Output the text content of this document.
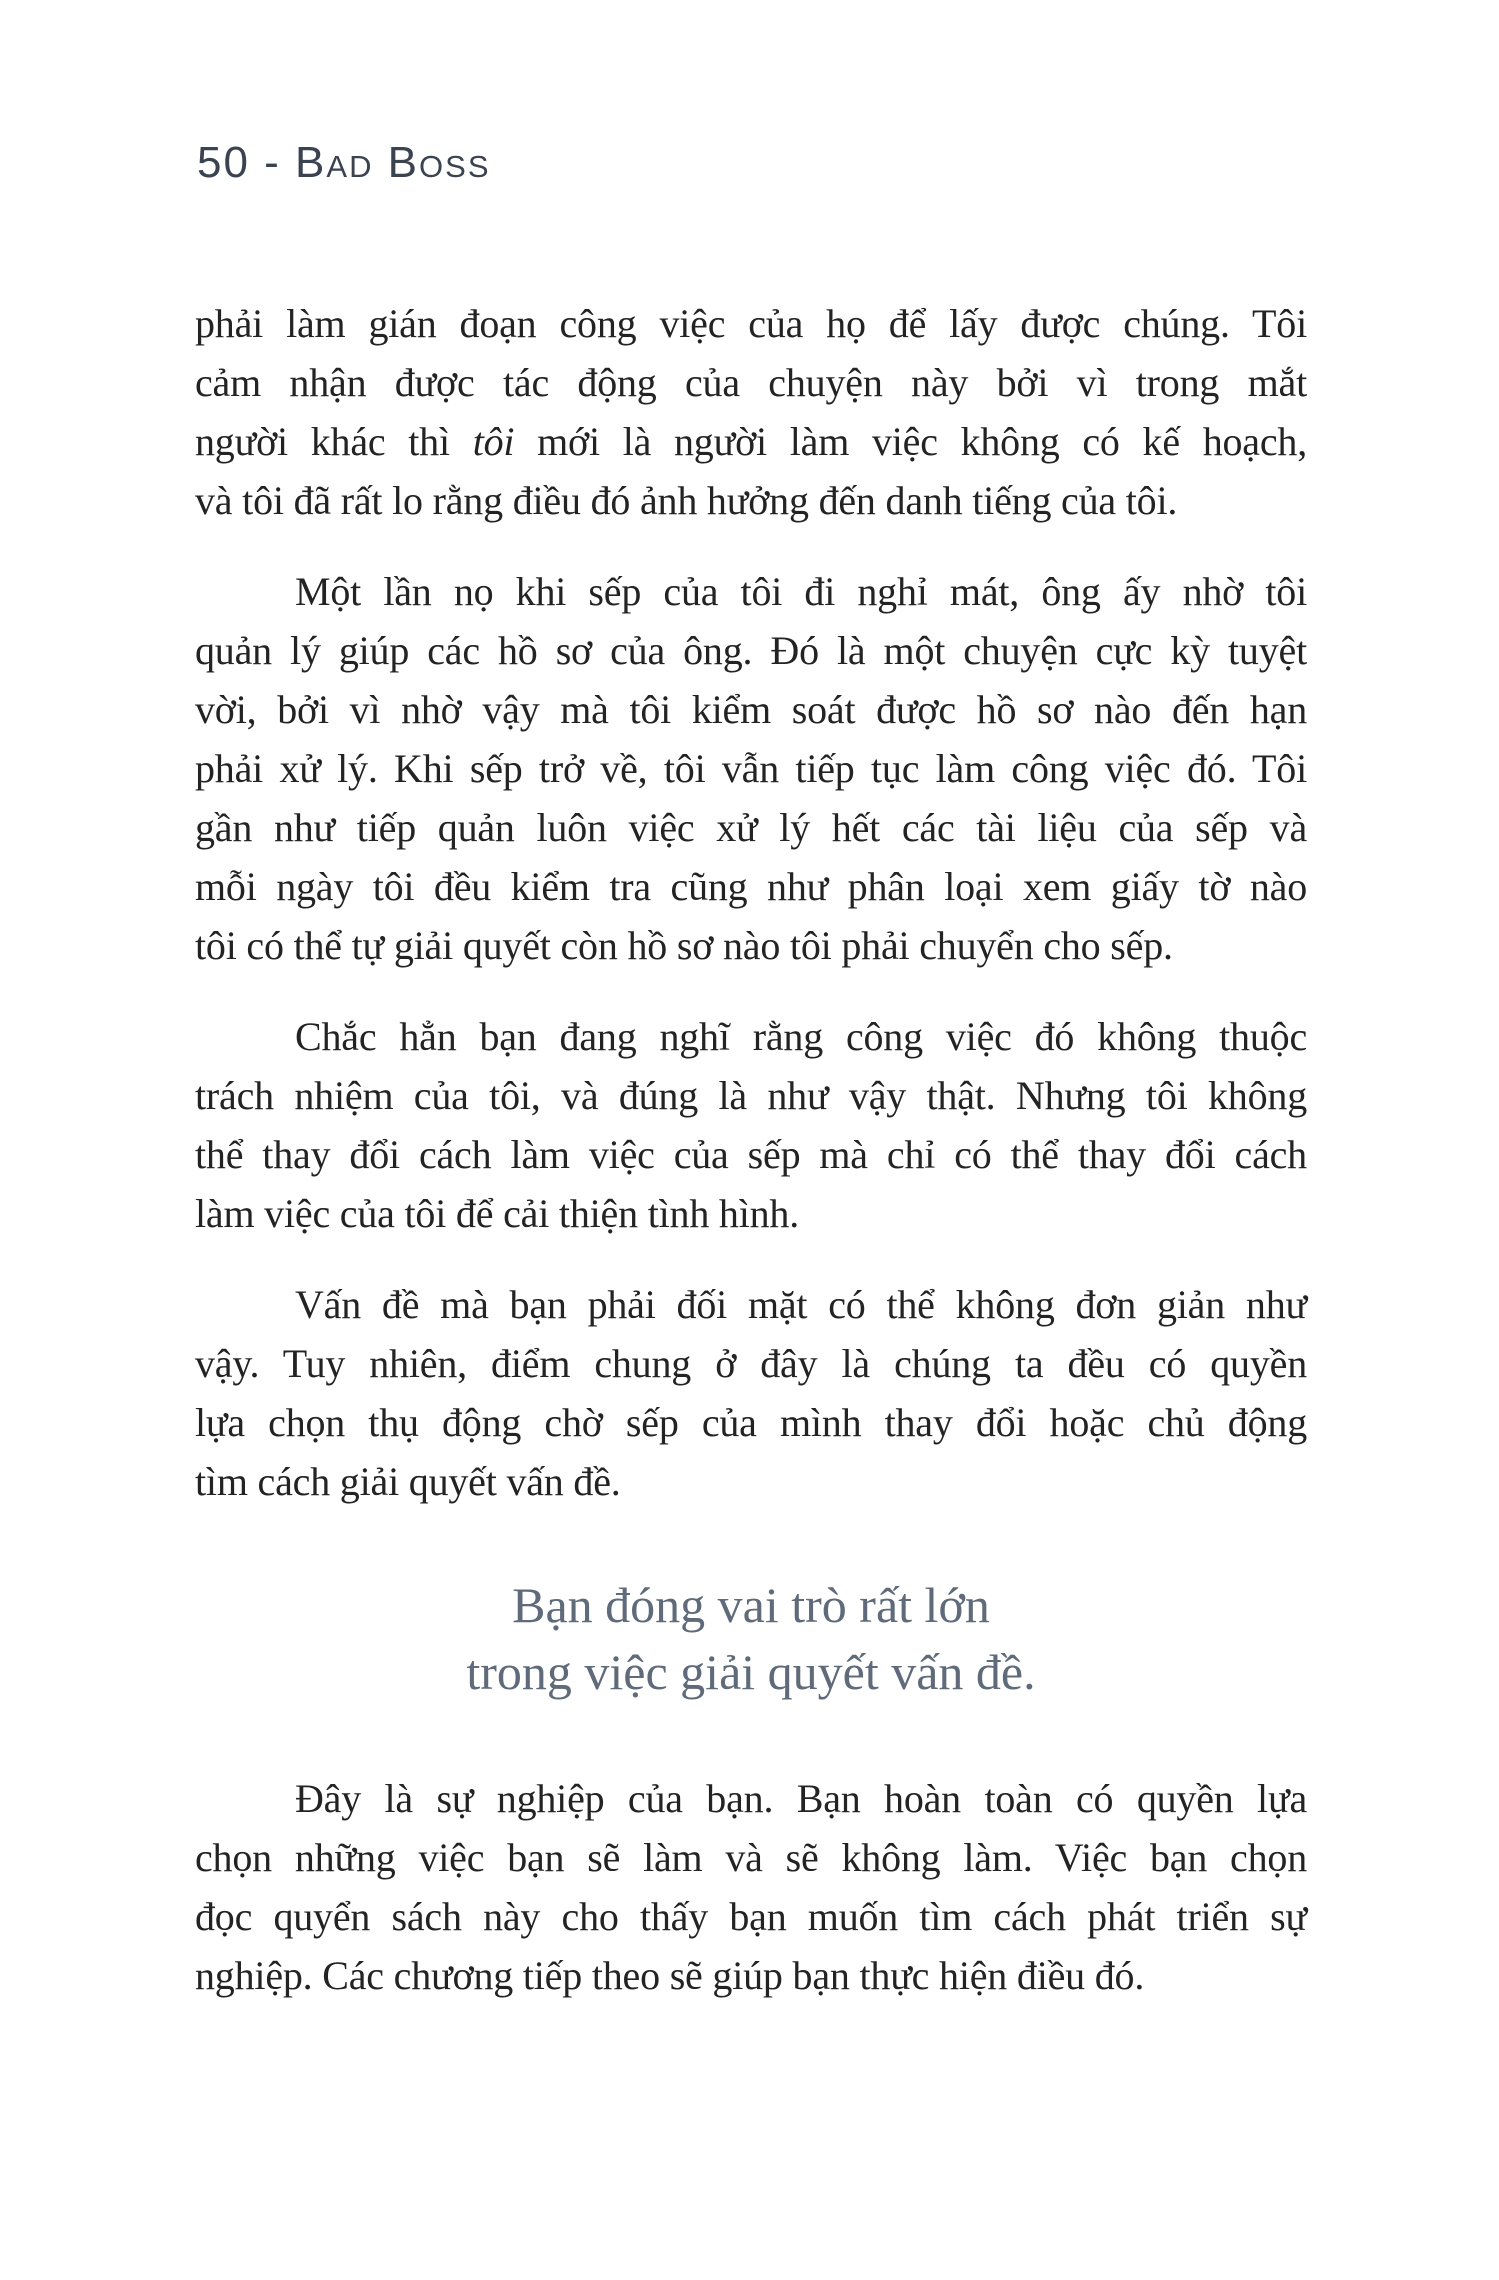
50 - Bad Boss
phải làm gián đoạn công việc của họ để lấy được chúng. Tôi
cảm nhận được tác động của chuyện này bởi vì trong mắt
người khác thì tôi mới là người làm việc không có kế hoạch,
và tôi đã rất lo rằng điều đó ảnh hưởng đến danh tiếng của tôi.
Một lần nọ khi sếp của tôi đi nghỉ mát, ông ấy nhờ tôi
quản lý giúp các hồ sơ của ông. Đó là một chuyện cực kỳ tuyệt
vời, bởi vì nhờ vậy mà tôi kiểm soát được hồ sơ nào đến hạn
phải xử lý. Khi sếp trở về, tôi vẫn tiếp tục làm công việc đó. Tôi
gần như tiếp quản luôn việc xử lý hết các tài liệu của sếp và
mỗi ngày tôi đều kiểm tra cũng như phân loại xem giấy tờ nào
tôi có thể tự giải quyết còn hồ sơ nào tôi phải chuyển cho sếp.
Chắc hẳn bạn đang nghĩ rằng công việc đó không thuộc
trách nhiệm của tôi, và đúng là như vậy thật. Nhưng tôi không
thể thay đổi cách làm việc của sếp mà chỉ có thể thay đổi cách
làm việc của tôi để cải thiện tình hình.
Vấn đề mà bạn phải đối mặt có thể không đơn giản như
vậy. Tuy nhiên, điểm chung ở đây là chúng ta đều có quyền
lựa chọn thụ động chờ sếp của mình thay đổi hoặc chủ động
tìm cách giải quyết vấn đề.
Bạn đóng vai trò rất lớn
trong việc giải quyết vấn đề.
Đây là sự nghiệp của bạn. Bạn hoàn toàn có quyền lựa
chọn những việc bạn sẽ làm và sẽ không làm. Việc bạn chọn
đọc quyển sách này cho thấy bạn muốn tìm cách phát triển sự
nghiệp. Các chương tiếp theo sẽ giúp bạn thực hiện điều đó.
